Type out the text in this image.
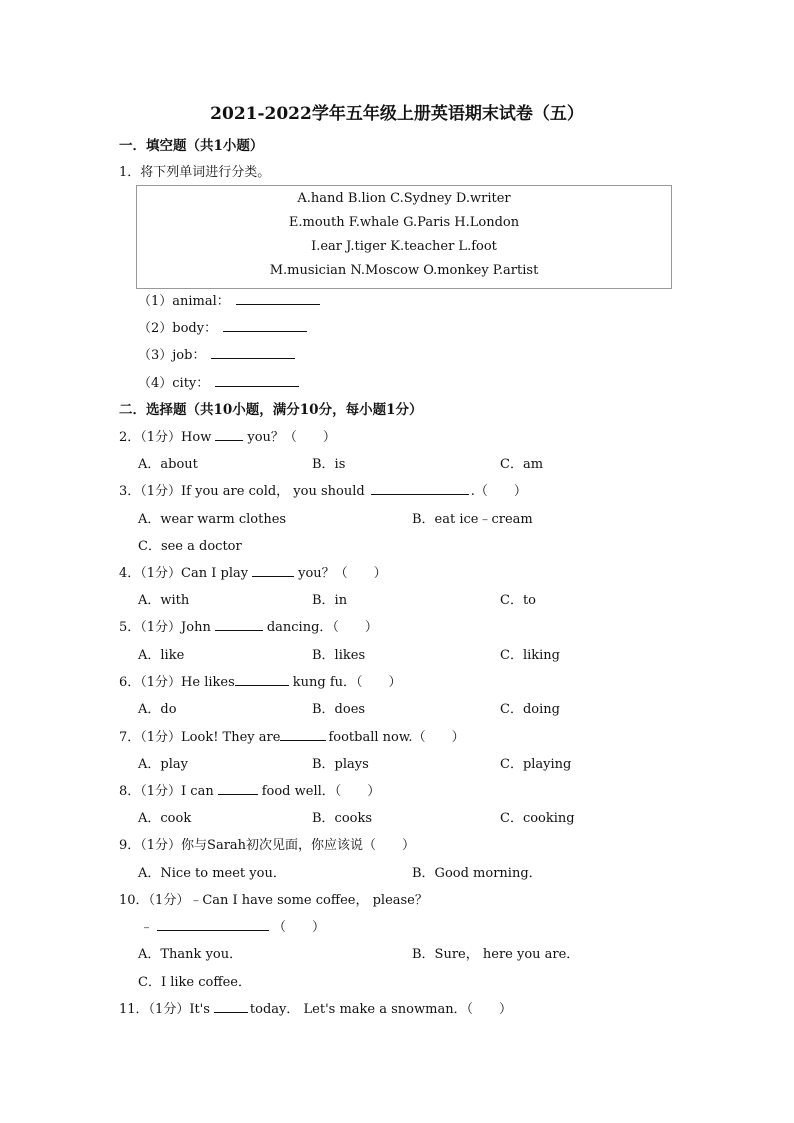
2021-2022学年五年级上册英语期末试卷（五）
一．填空题（共1小题）
1．将下列单词进行分类。
A.hand B.lion C.Sydney D.writer
E.mouth F.whale G.Paris H.London
I.ear J.tiger K.teacher L.foot
M.musician N.Moscow O.monkey P.artist
（1）animal：
（2）body：
（3）job：
（4）city：
二．选择题（共10小题，满分10分，每小题1分）
2．（1分）How	you？（　　）
A．about	B．is	C．am
3．（1分）If you are cold， you should	.（　　）
A．wear warm clothes	B．eat ice﹣cream
C．see a doctor
4．（1分）Can I play	you？（　　）
A．with	B．in	C．to
5．（1分）John	dancing．（　　）
A．like	B．likes	C．liking
6．（1分）He likes	kung fu．（　　）
A．do	B．does	C．doing
7．（1分）Look! They are	football now.（　　）
A．play	B．plays	C．playing
8．（1分）I can	food well．（　　）
A．cook	B．cooks	C．cooking
9．（1分）你与Sarah初次见面，你应该说（　　）
A．Nice to meet you．	B．Good morning．
10．（1分）﹣Can I have some coffee， please？
﹣	（　　）
A．Thank you．	B．Sure， here you are．
C．I like coffee．
11．（1分）It's	today． Let's make a snowman．（　　）
